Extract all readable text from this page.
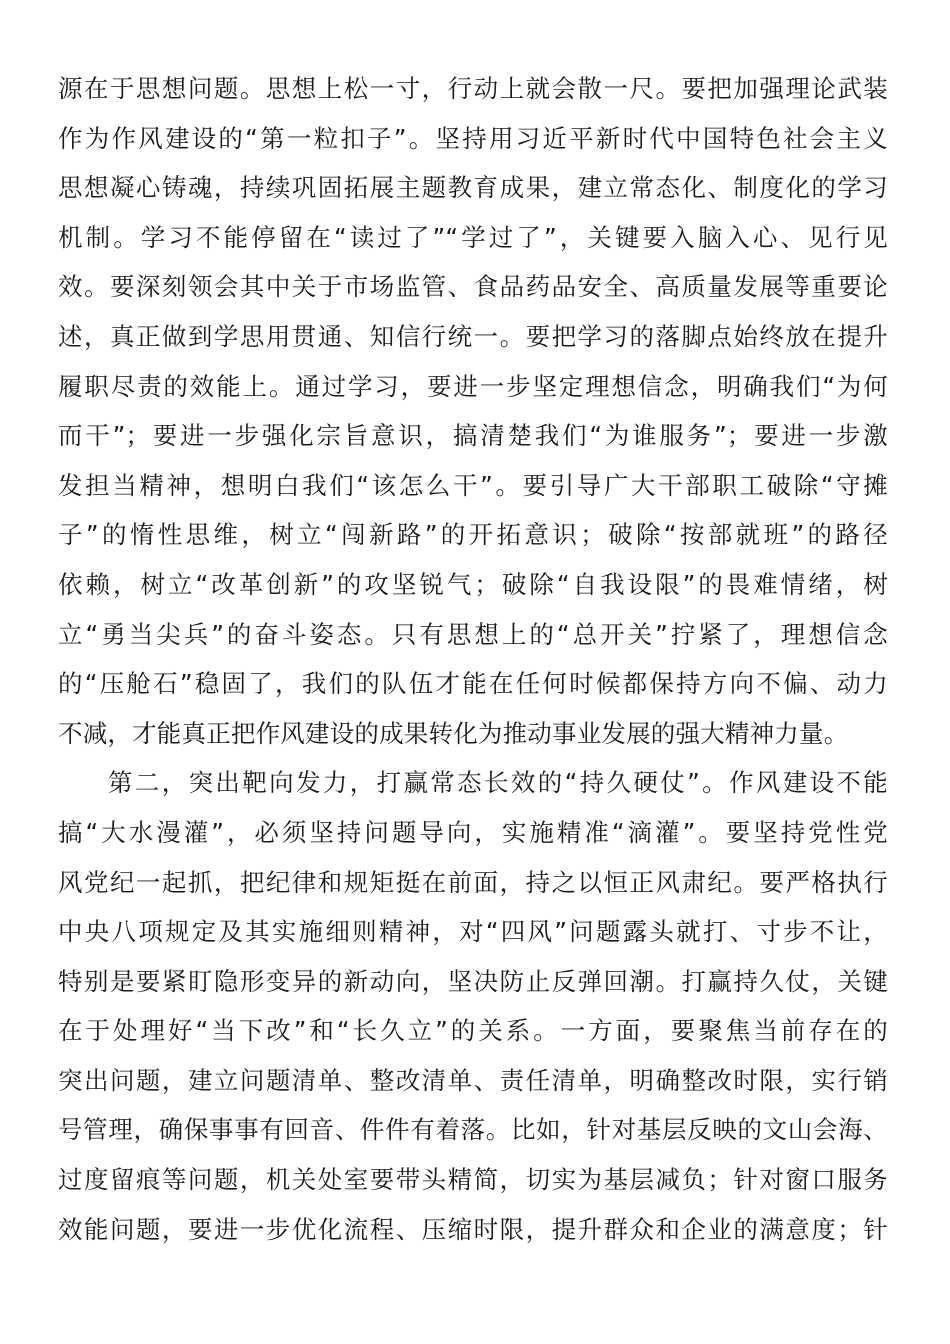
源在于思想问题。思想上松一寸，行动上就会散一尺。要把加强理论武装
作为作风建设的“第一粒扣子”。坚持用习近平新时代中国特色社会主义
思想凝心铸魂，持续巩固拓展主题教育成果，建立常态化、制度化的学习
机制。学习不能停留在“读过了”“学过了”，关键要入脑入心、见行见
效。要深刻领会其中关于市场监管、食品药品安全、高质量发展等重要论
述，真正做到学思用贯通、知信行统一。要把学习的落脚点始终放在提升
履职尽责的效能上。通过学习，要进一步坚定理想信念，明确我们“为何
而干”；要进一步强化宗旨意识，搞清楚我们“为谁服务”；要进一步激
发担当精神，想明白我们“该怎么干”。要引导广大干部职工破除“守摊
子”的惰性思维，树立“闯新路”的开拓意识；破除“按部就班”的路径
依赖，树立“改革创新”的攻坚锐气；破除“自我设限”的畏难情绪，树
立“勇当尖兵”的奋斗姿态。只有思想上的“总开关”拧紧了，理想信念
的“压舱石”稳固了，我们的队伍才能在任何时候都保持方向不偏、动力
不减，才能真正把作风建设的成果转化为推动事业发展的强大精神力量。
第二，突出靶向发力，打赢常态长效的“持久硬仗”。作风建设不能
搞“大水漫灌”，必须坚持问题导向，实施精准“滴灌”。要坚持党性党
风党纪一起抓，把纪律和规矩挺在前面，持之以恒正风肃纪。要严格执行
中央八项规定及其实施细则精神，对“四风”问题露头就打、寸步不让，
特别是要紧盯隐形变异的新动向，坚决防止反弹回潮。打赢持久仗，关键
在于处理好“当下改”和“长久立”的关系。一方面，要聚焦当前存在的
突出问题，建立问题清单、整改清单、责任清单，明确整改时限，实行销
号管理，确保事事有回音、件件有着落。比如，针对基层反映的文山会海、
过度留痕等问题，机关处室要带头精简，切实为基层减负；针对窗口服务
效能问题，要进一步优化流程、压缩时限，提升群众和企业的满意度；针
